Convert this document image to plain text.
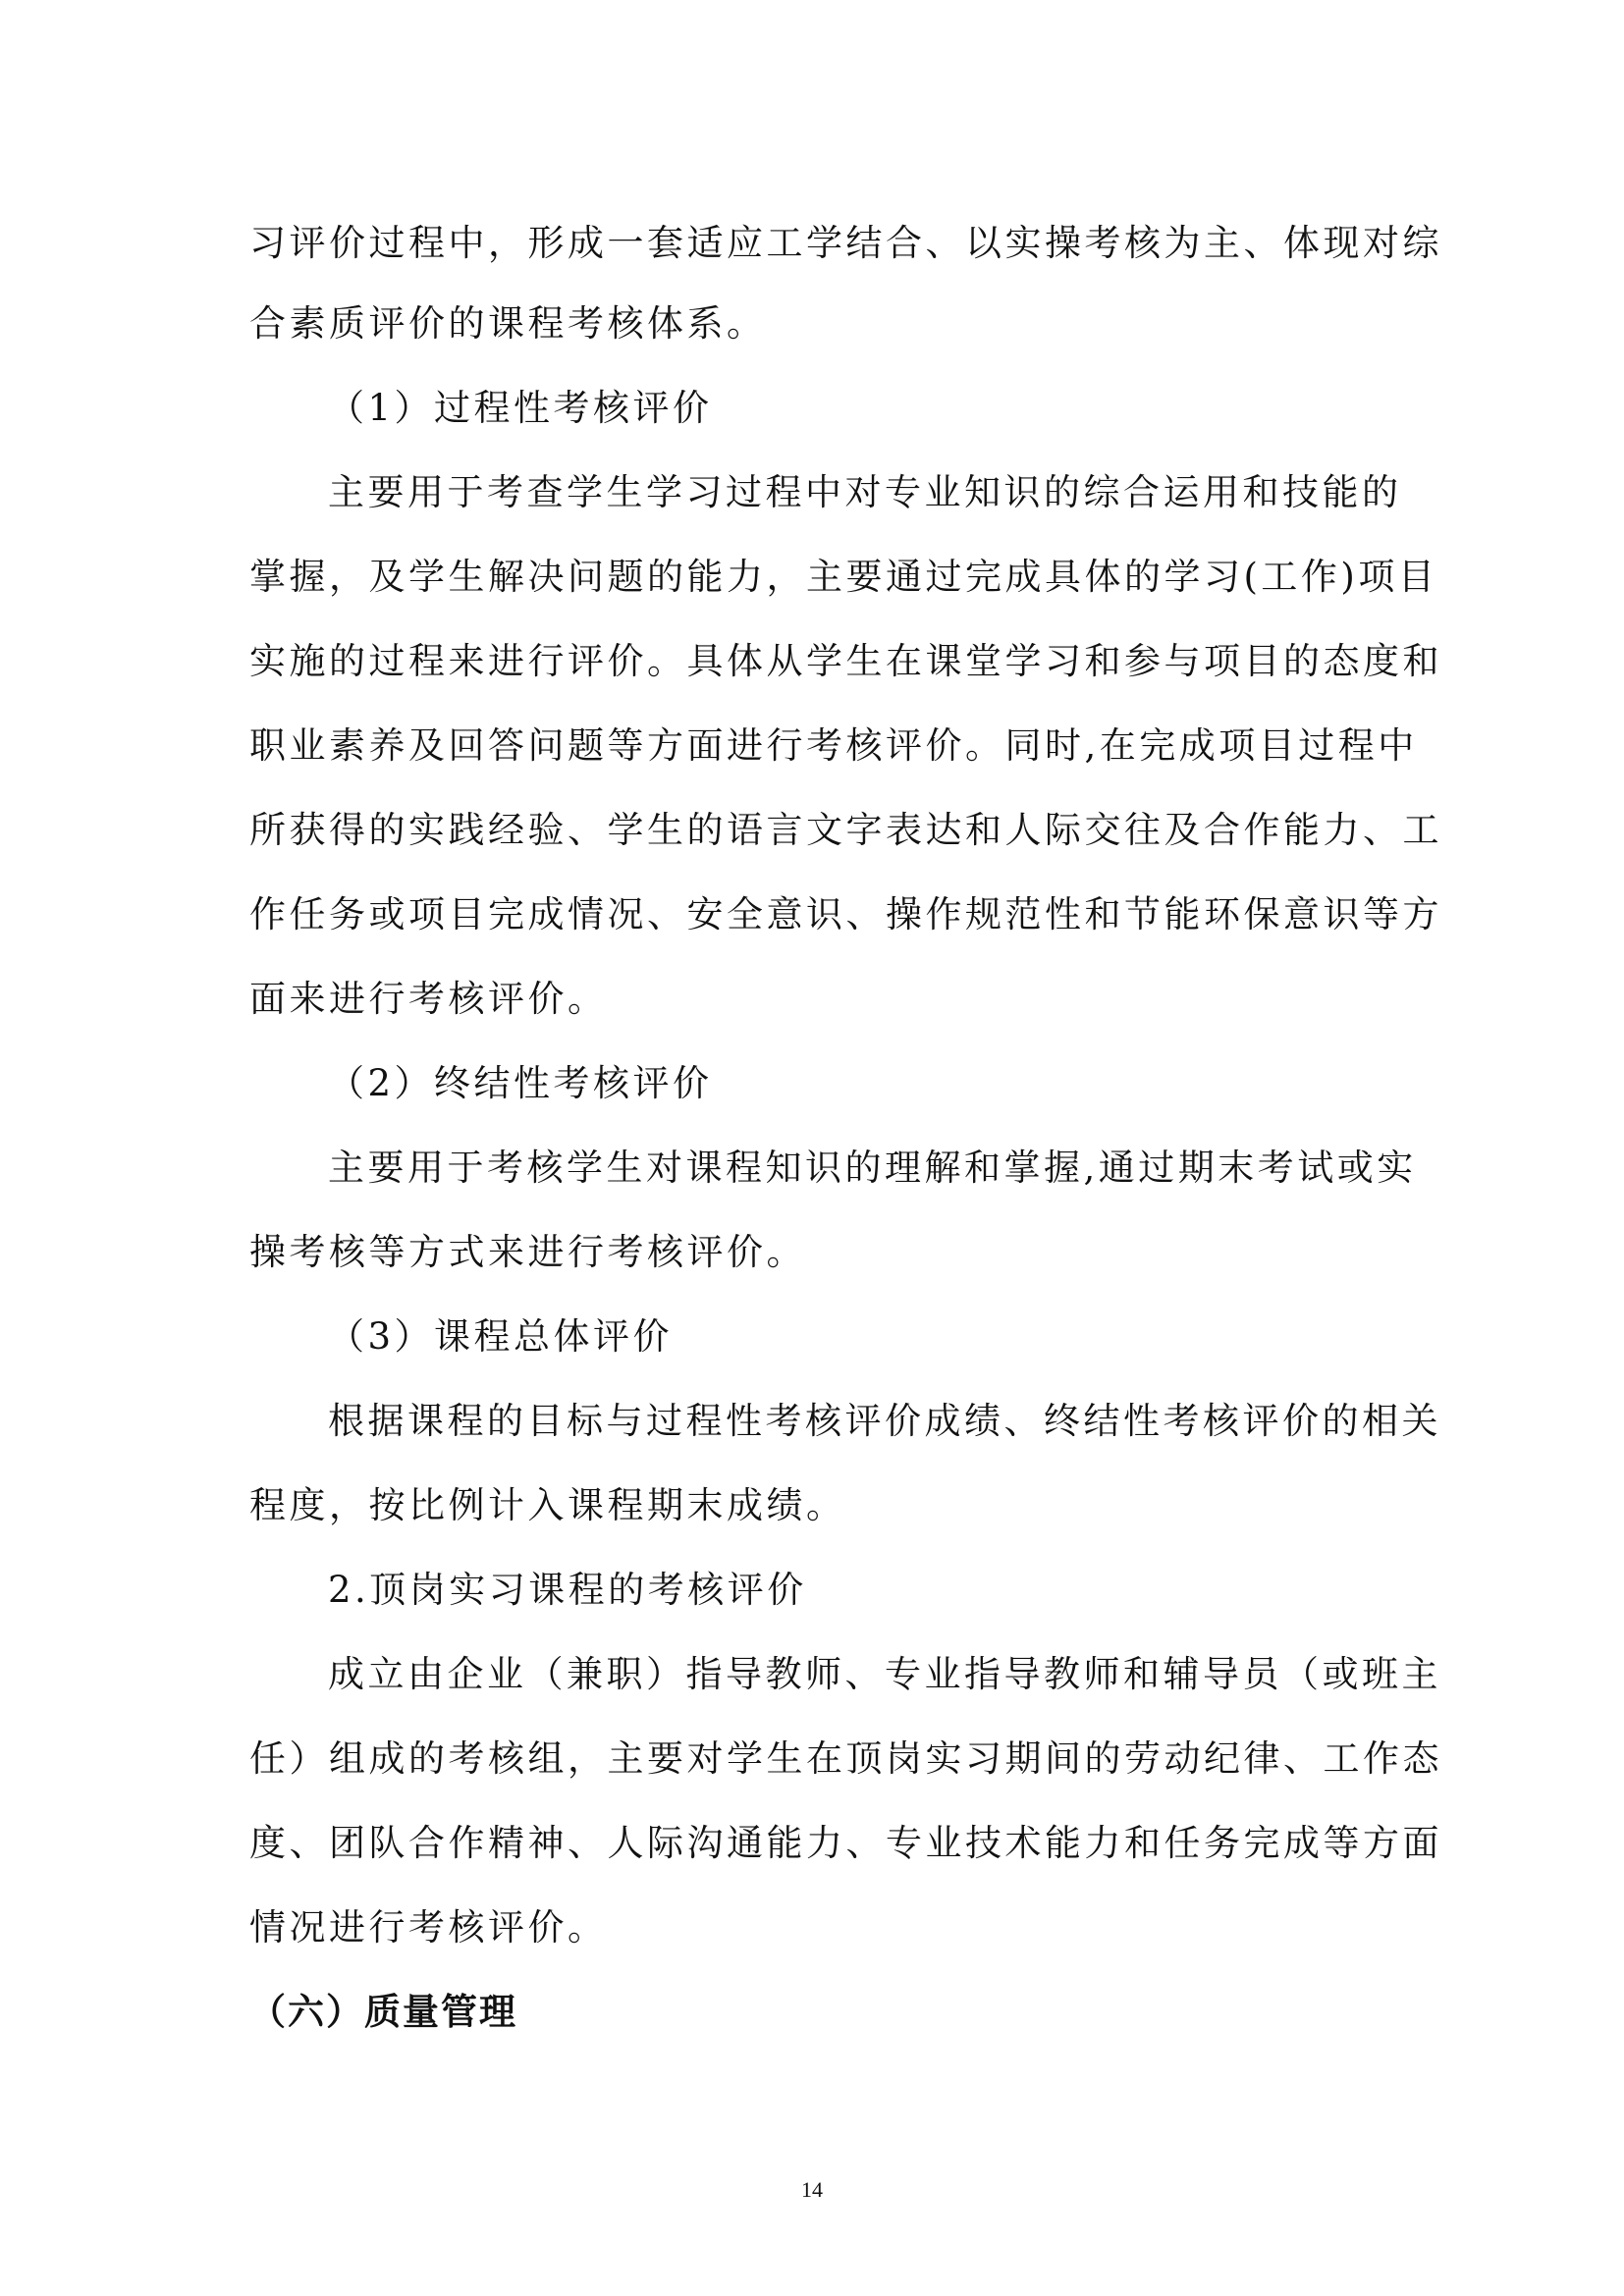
习评价过程中，形成一套适应工学结合、以实操考核为主、体现对综
合素质评价的课程考核体系。
（1）过程性考核评价
主要用于考查学生学习过程中对专业知识的综合运用和技能的
掌握，及学生解决问题的能力，主要通过完成具体的学习(工作)项目
实施的过程来进行评价。具体从学生在课堂学习和参与项目的态度和
职业素养及回答问题等方面进行考核评价。同时,在完成项目过程中
所获得的实践经验、学生的语言文字表达和人际交往及合作能力、工
作任务或项目完成情况、安全意识、操作规范性和节能环保意识等方
面来进行考核评价。
（2）终结性考核评价
主要用于考核学生对课程知识的理解和掌握,通过期末考试或实
操考核等方式来进行考核评价。
（3）课程总体评价
根据课程的目标与过程性考核评价成绩、终结性考核评价的相关
程度，按比例计入课程期末成绩。
2.顶岗实习课程的考核评价
成立由企业（兼职）指导教师、专业指导教师和辅导员（或班主
任）组成的考核组，主要对学生在顶岗实习期间的劳动纪律、工作态
度、团队合作精神、人际沟通能力、专业技术能力和任务完成等方面
情况进行考核评价。
（六）质量管理
14
